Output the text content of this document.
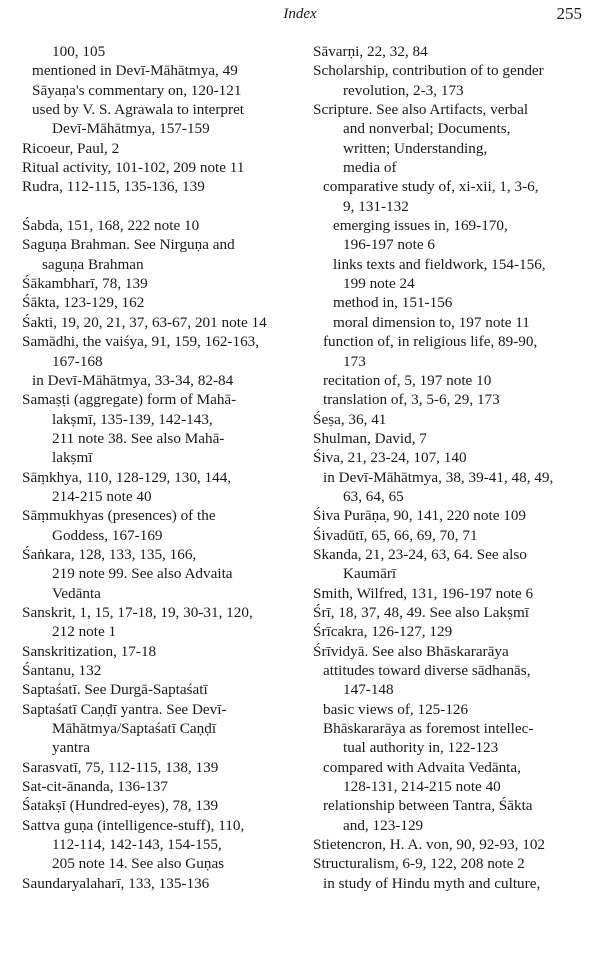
Index	255
100, 105
mentioned in Devī-Māhātmya, 49
Sāyaṇa's commentary on, 120-121
used by V. S. Agrawala to interpret
Devī-Māhātmya, 157-159
Ricoeur, Paul, 2
Ritual activity, 101-102, 209 note 11
Rudra, 112-115, 135-136, 139
Śabda, 151, 168, 222 note 10
Saguṇa Brahman. See Nirguṇa and
saguṇa Brahman
Śākambharī, 78, 139
Śākta, 123-129, 162
Śakti, 19, 20, 21, 37, 63-67, 201 note 14
Samādhi, the vaiśya, 91, 159, 162-163,
167-168
in Devī-Māhātmya, 33-34, 82-84
Samaṣṭi (aggregate) form of Mahā-
lakṣmī, 135-139, 142-143,
211 note 38. See also Mahā-
lakṣmī
Sāṃkhya, 110, 128-129, 130, 144,
214-215 note 40
Sāṃmukhyas (presences) of the
Goddess, 167-169
Śaṅkara, 128, 133, 135, 166,
219 note 99. See also Advaita
Vedānta
Sanskrit, 1, 15, 17-18, 19, 30-31, 120,
212 note 1
Sanskritization, 17-18
Śantanu, 132
Saptaśatī. See Durgā-Saptaśatī
Saptaśatī Caṇḍī yantra. See Devī-
Māhātmya/Saptaśatī Caṇḍī
yantra
Sarasvatī, 75, 112-115, 138, 139
Sat-cit-ānanda, 136-137
Śatakṣī (Hundred-eyes), 78, 139
Sattva guṇa (intelligence-stuff), 110,
112-114, 142-143, 154-155,
205 note 14. See also Guṇas
Saundaryalaharī, 133, 135-136
Sāvarṇi, 22, 32, 84
Scholarship, contribution of to gender
revolution, 2-3, 173
Scripture. See also Artifacts, verbal
and nonverbal; Documents,
written; Understanding,
media of
comparative study of, xi-xii, 1, 3-6,
9, 131-132
emerging issues in, 169-170,
196-197 note 6
links texts and fieldwork, 154-156,
199 note 24
method in, 151-156
moral dimension to, 197 note 11
function of, in religious life, 89-90,
173
recitation of, 5, 197 note 10
translation of, 3, 5-6, 29, 173
Śeṣa, 36, 41
Shulman, David, 7
Śiva, 21, 23-24, 107, 140
in Devī-Māhātmya, 38, 39-41, 48, 49,
63, 64, 65
Śiva Purāṇa, 90, 141, 220 note 109
Śivadūtī, 65, 66, 69, 70, 71
Skanda, 21, 23-24, 63, 64. See also
Kaumārī
Smith, Wilfred, 131, 196-197 note 6
Śrī, 18, 37, 48, 49. See also Lakṣmī
Śrīcakra, 126-127, 129
Śrīvidyā. See also Bhāskararāya
attitudes toward diverse sādhanās,
147-148
basic views of, 125-126
Bhāskararāya as foremost intellec-
tual authority in, 122-123
compared with Advaita Vedānta,
128-131, 214-215 note 40
relationship between Tantra, Śākta
and, 123-129
Stietencron, H. A. von, 90, 92-93, 102
Structuralism, 6-9, 122, 208 note 2
in study of Hindu myth and culture,
